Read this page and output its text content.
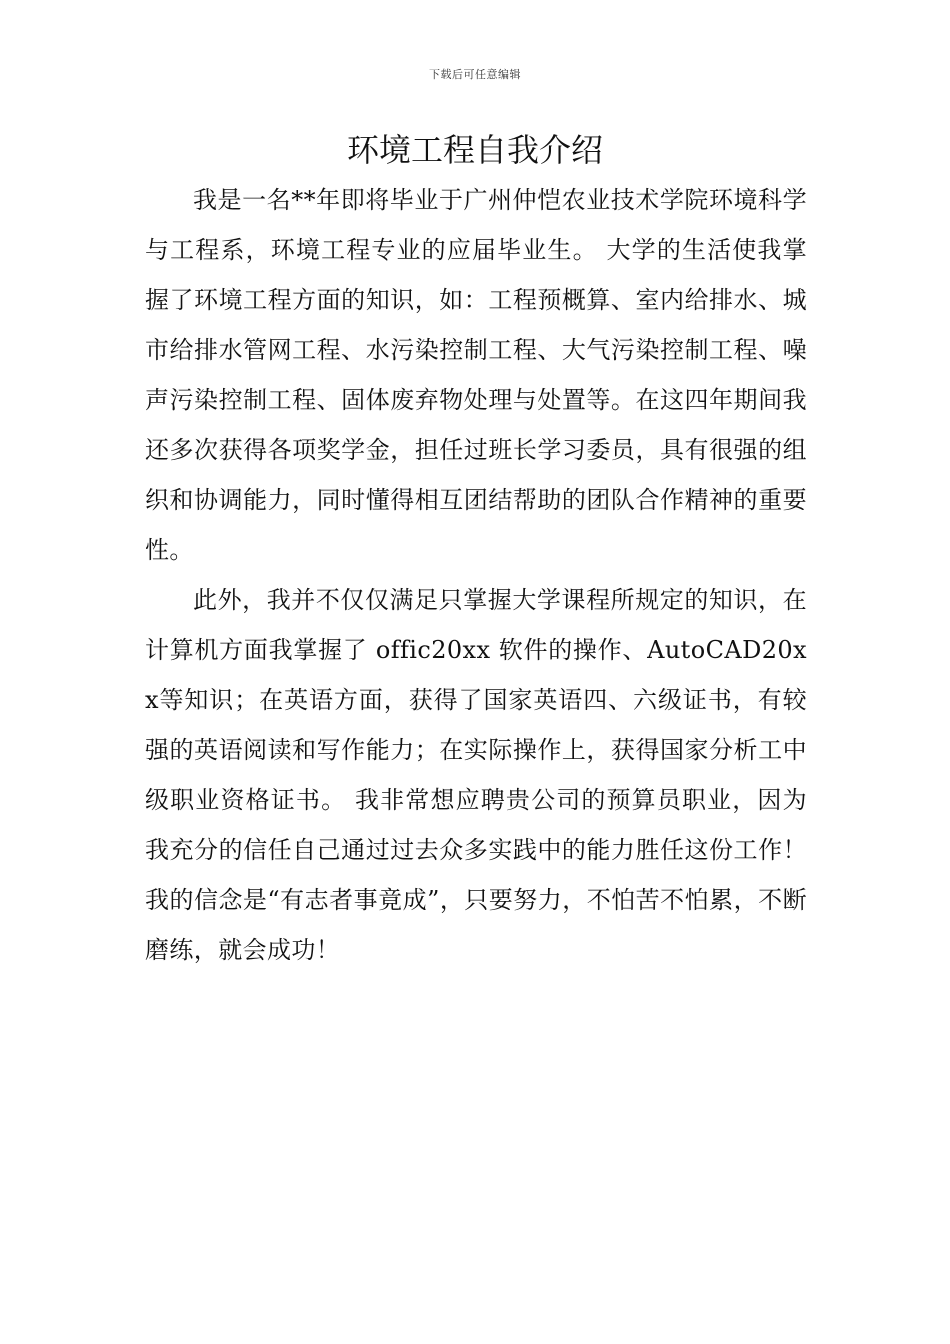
下载后可任意编辑
环境工程自我介绍

我是一名**年即将毕业于广州仲恺农业技术学院环境科学与工程系，环境工程专业的应届毕业生。 大学的生活使我掌握了环境工程方面的知识，如：工程预概算、室内给排水、城市给排水管网工程、水污染控制工程、大气污染控制工程、噪声污染控制工程、固体废弃物处理与处置等。在这四年期间我还多次获得各项奖学金，担任过班长学习委员，具有很强的组织和协调能力，同时懂得相互团结帮助的团队合作精神的重要性。

此外，我并不仅仅满足只掌握大学课程所规定的知识，在计算机方面我掌握了 offic20xx 软件的操作、AutoCAD20xx等知识；在英语方面，获得了国家英语四、六级证书，有较强的英语阅读和写作能力；在实际操作上，获得国家分析工中级职业资格证书。 我非常想应聘贵公司的预算员职业，因为我充分的信任自己通过过去众多实践中的能力胜任这份工作！我的信念是“有志者事竟成”，只要努力，不怕苦不怕累，不断磨练，就会成功！
